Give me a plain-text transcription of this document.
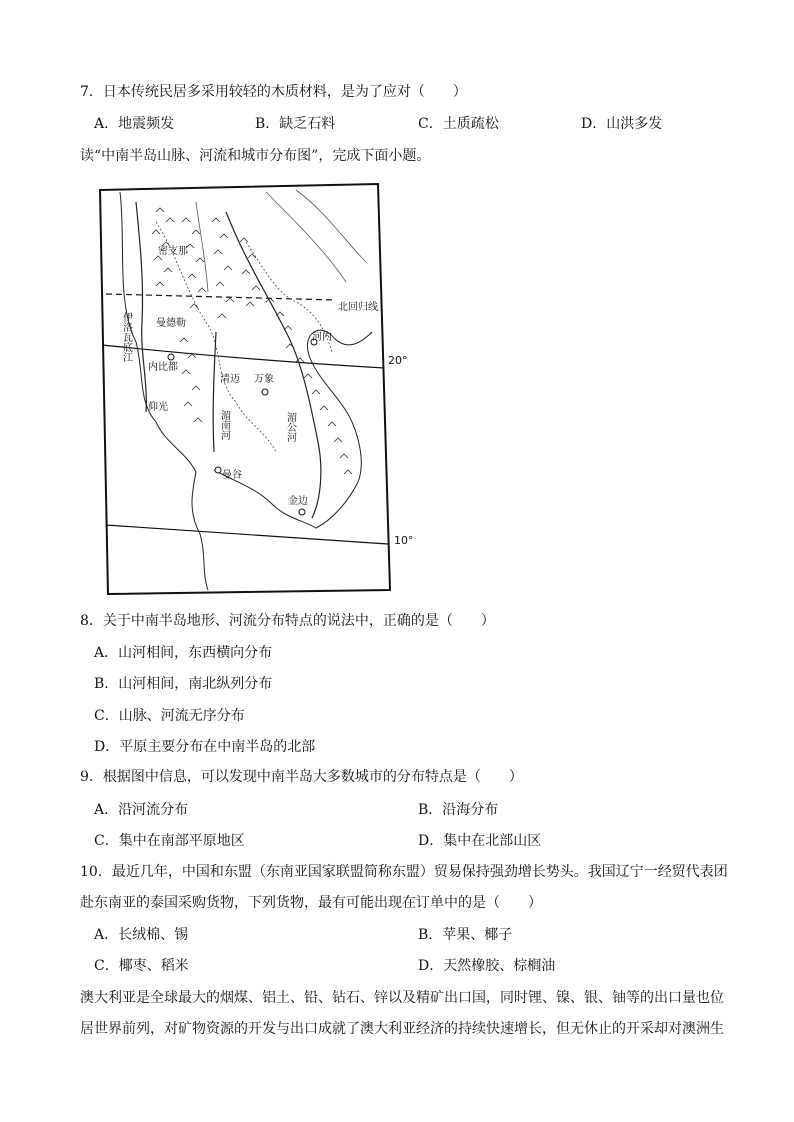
7．日本传统民居多采用较轻的木质材料，是为了应对（　　）
A．地震频发	B．缺乏石料	C．土质疏松	D．山洪多发
读“中南半岛山脉、河流和城市分布图”，完成下面小题。
密支那
曼德勒
内比都
清迈
仰光
万象
河内
北回归线
20°
10°
曼谷
金边
伊洛瓦底江
湄南河	湄公河
8．关于中南半岛地形、河流分布特点的说法中，正确的是（　　）
A．山河相间，东西横向分布
B．山河相间，南北纵列分布
C．山脉、河流无序分布
D．平原主要分布在中南半岛的北部
9．根据图中信息，可以发现中南半岛大多数城市的分布特点是（　　）
A．沿河流分布	B．沿海分布
C．集中在南部平原地区	D．集中在北部山区
10．最近几年，中国和东盟（东南亚国家联盟简称东盟）贸易保持强劲增长势头。我国辽宁一经贸代表团
赴东南亚的泰国采购货物，下列货物，最有可能出现在订单中的是（　　）
A．长绒棉、锡	B．苹果、椰子
C．椰枣、稻米	D．天然橡胶、棕榈油
澳大利亚是全球最大的烟煤、铝土、铅、钻石、锌以及精矿出口国，同时锂、镍、银、铀等的出口量也位
居世界前列，对矿物资源的开发与出口成就了澳大利亚经济的持续快速增长，但无休止的开采却对澳洲生
